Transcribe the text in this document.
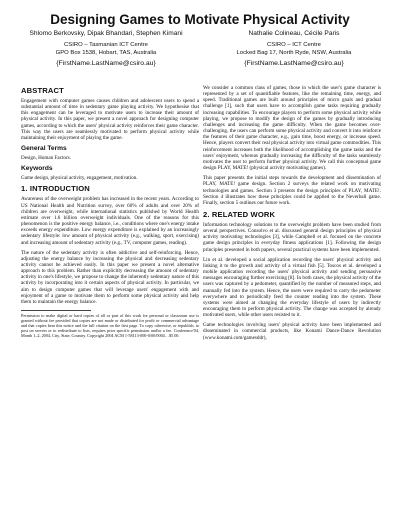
Designing Games to Motivate Physical Activity
Shlomo Berkovsky, Dipak Bhandari, Stephen Kimani
CSIRO – Tasmanian ICT Centre
GPO Box 1538, Hobart, TAS, Australia
{FirstName.LastName@csiro.au}
Nathalie Colineau, Cécile Paris
CSIRO – ICT Centre
Locked Bag 17, North Ryde, NSW, Australia
{FirstName.LastName@csiro.au}
ABSTRACT

Engagement with computer games causes children and adolescent users to spend a substantial amount of time in sedentary game playing activity. We hypothesise that this engagement can be leveraged to motivate users to increase their amount of physical activity. In this paper, we present a novel approach for designing computer games, according to which the users' physical activity reinforces their game character. This way the users are seamlessly motivated to perform physical activity while maintaining their enjoyment of playing the game.

General Terms

Design, Human Factors.

Keywords

Game design, physical activity, engagement, motivation.

1. INTRODUCTION

Awareness of the overweight problem has increased in the recent years. According to US National Health and Nutrition survey, over 60% of adults and over 20% of children are overweight, while international statistics published by World Health estimate over 1.6 billion overweight individuals. One of the reasons for this phenomenon is the positive energy balance, i.e., conditions where one's energy intake exceeds energy expenditure. Low energy expenditure is explained by an increasingly sedentary lifestyle: low amount of physical activity (e.g., walking, sport, exercising) and increasing amount of sedentary activity (e.g., TV, computer games, reading).

The nature of the sedentary activity is often addictive and self-reinforcing. Hence, adjusting the energy balance by increasing the physical and decreasing sedentary activity cannot be achieved easily. In this paper we present a novel alternative approach to this problem. Rather than explicitly decreasing the amount of sedentary activity in one's lifestyle, we propose to change the inherently sedentary nature of this activity by incorporating into it certain aspects of physical activity. In particular, we aim to design computer games that will leverage users' engagement with and enjoyment of a game to motivate them to perform some physical activity and help them to maintain the energy balance.

Permission to make digital or hard copies of all or part of this work for personal or classroom use is granted without fee provided that copies are not made or distributed for profit or commercial advantage and that copies bear this notice and the full citation on the first page. To copy otherwise, or republish, to post on servers or to redistribute to lists, requires prior specific permission and/or a fee. Conference'04, Month 1–2, 2004, City, State, Country. Copyright 2004 ACM 1-58113-000-0/00/0004…$5.00.

We consider a common class of games, those in which the user's game character is represented by a set of quantifiable features, like the remaining time, energy, and speed. Traditional games are built around principles of micro goals and gradual challenge [1], such that users have to accomplish game tasks requiring gradually increasing capabilities. To encourage players to perform some physical activity while playing, we propose to modify the design of the games by gradually introducing challenges and increasing the game difficulty. When the game becomes over-challenging, the users can perform some physical activity and convert it into reinforce the features of their game character, e.g., gain time, boost energy, or increase speed. Hence, players convert their real physical activity into virtual game commodities. This reinforcement increases both the likelihood of accomplishing the game tasks and the users' enjoyment, whereas gradually increasing the difficulty of the tasks seamlessly motivates the user to perform further physical activity. We call this conceptual game design PLAY, MATE! (physical activity motivating games).

This paper presents the initial steps towards the development and dissemination of PLAY, MATE! game design. Section 2 surveys the related work on motivating technologies and games. Section 3 presents the design principles of PLAY, MATE!. Section 4 illustrates how these principles could be applied to the Neverball game. Finally, section 5 outlines our future work.

2. RELATED WORK

Information technology solutions to the overweight problem have been studied from several perspectives. Consolvo et al. discussed general design principles of physical activity motivating technologies [3], while Campbell et al. focused on the concrete game design principles in everyday fitness applications [1]. Following the design principles presented in both papers, several practical systems have been implemented.

Lin et al. developed a social application recording the users' physical activity and linking it to the growth and activity of a virtual fish [5]. Toscos et al. developed a mobile application recording the users' physical activity and sending persuasive messages encouraging further exercising [8]. In both cases, the physical activity of the users was captured by a pedometer, quantified by the number of measured steps, and manually fed into the system. Hence, the users were required to carry the pedometer everywhere and to periodically feed the counter reading into the system. These systems were aimed at changing the everyday lifestyle of users by indirectly encouraging them to perform physical activity. The change was accepted by already motivated users, while other users resisted to it.

Game technologies involving users' physical activity have been implemented and disseminated in commercial products, like Konami Dance-Dance Revolution (www.konami.com/gamesddr),
